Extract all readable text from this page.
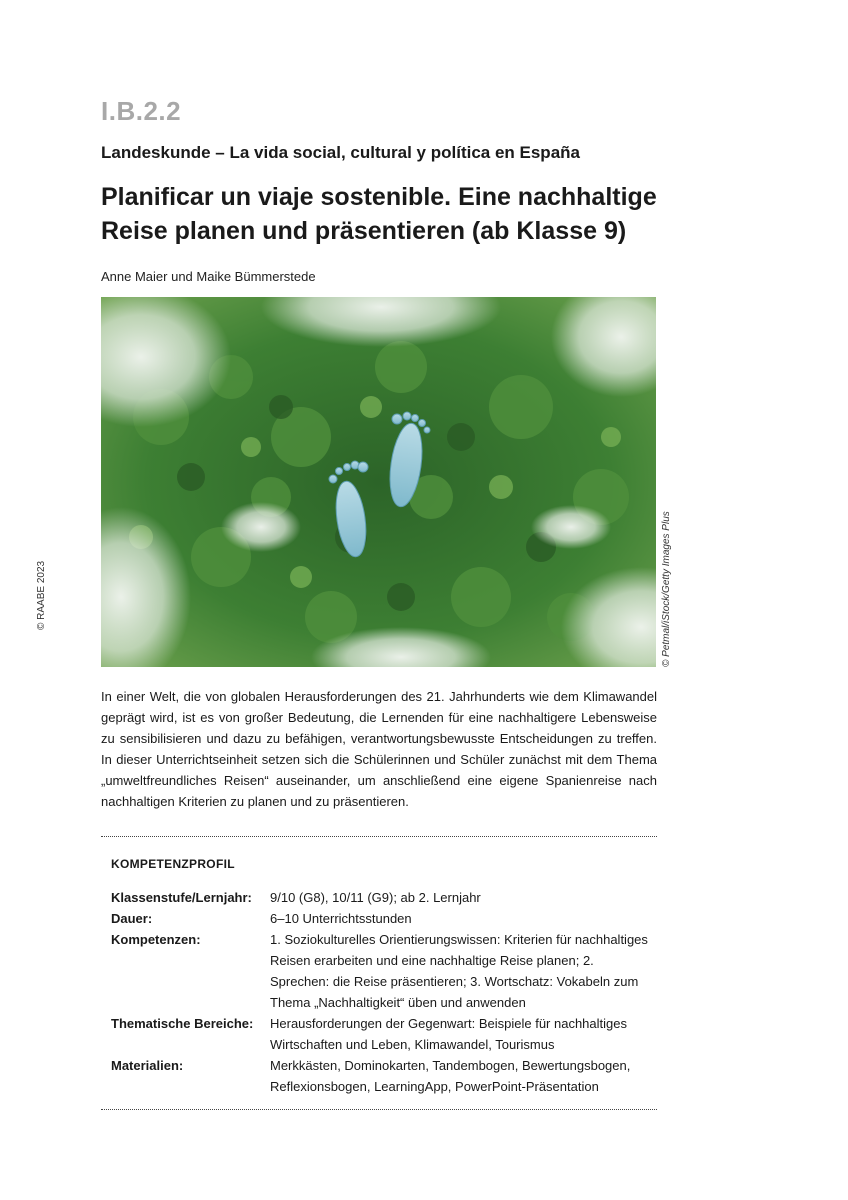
I.B.2.2
Landeskunde – La vida social, cultural y política en España
Planificar un viaje sostenible. Eine nachhaltige Reise planen und präsentieren (ab Klasse 9)
Anne Maier und Maike Bümmerstede
© Petmal/iStock/Getty Images Plus
© RAABE 2023

In einer Welt, die von globalen Herausforderungen des 21. Jahrhunderts wie dem Klimawandel geprägt wird, ist es von großer Bedeutung, die Lernenden für eine nachhaltigere Lebensweise zu sensibilisieren und dazu zu befähigen, verantwortungsbewusste Entscheidungen zu treffen. In dieser Unterrichtseinheit setzen sich die Schülerinnen und Schüler zunächst mit dem Thema „umweltfreundliches Reisen“ auseinander, um anschließend eine eigene Spanienreise nach nachhaltigen Kriterien zu planen und zu präsentieren.

KOMPETENZPROFIL
Klassenstufe/Lernjahr:	9/10 (G8), 10/11 (G9); ab 2. Lernjahr
Dauer:	6–10 Unterrichtsstunden
Kompetenzen:	1. Soziokulturelles Orientierungswissen: Kriterien für nachhaltiges Reisen erarbeiten und eine nachhaltige Reise planen; 2. Sprechen: die Reise präsentieren; 3. Wortschatz: Vokabeln zum Thema „Nachhaltigkeit“ üben und anwenden
Thematische Bereiche:	Herausforderungen der Gegenwart: Beispiele für nachhaltiges Wirtschaften und Leben, Klimawandel, Tourismus
Materialien:	Merkkästen, Dominokarten, Tandembogen, Bewertungsbogen, Reflexionsbogen, LearningApp, PowerPoint-Präsentation
